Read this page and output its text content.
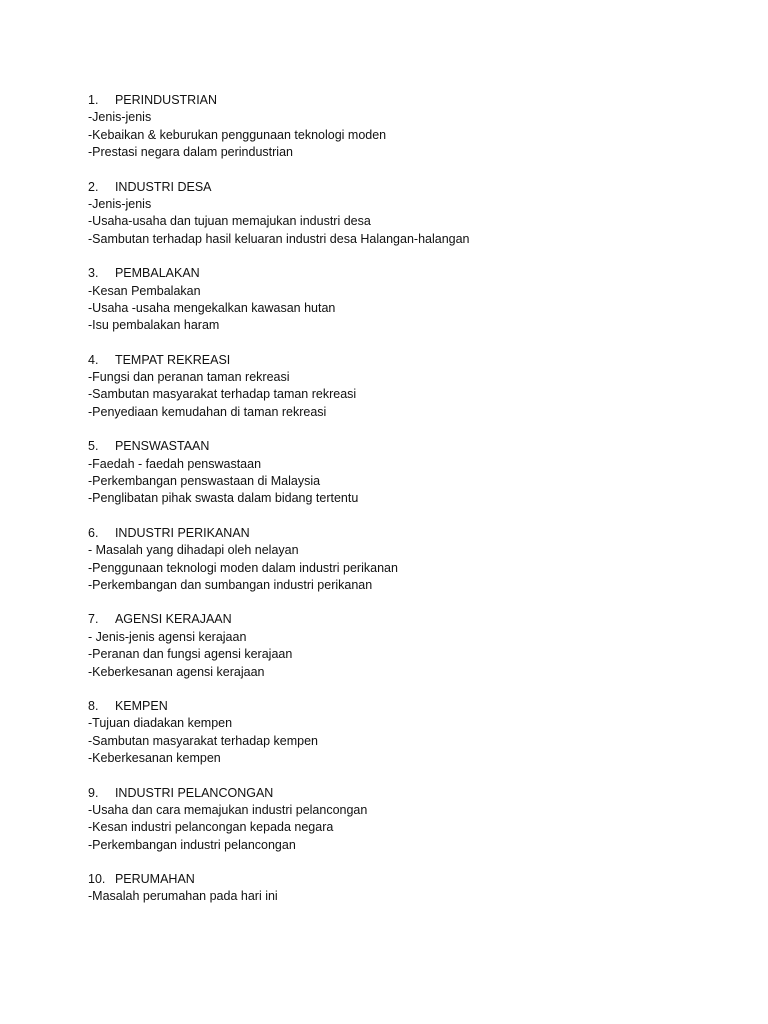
1. PERINDUSTRIAN
-Jenis-jenis
-Kebaikan & keburukan penggunaan teknologi moden
-Prestasi negara dalam perindustrian
2. INDUSTRI DESA
-Jenis-jenis
-Usaha-usaha dan tujuan memajukan industri desa
-Sambutan terhadap hasil keluaran industri desa Halangan-halangan
3. PEMBALAKAN
-Kesan Pembalakan
-Usaha -usaha mengekalkan kawasan hutan
-Isu pembalakan haram
4. TEMPAT REKREASI
-Fungsi dan peranan taman rekreasi
-Sambutan masyarakat terhadap taman rekreasi
-Penyediaan kemudahan di taman rekreasi
5. PENSWASTAAN
-Faedah - faedah penswastaan
-Perkembangan penswastaan di Malaysia
-Penglibatan pihak swasta dalam bidang tertentu
6. INDUSTRI PERIKANAN
- Masalah yang dihadapi oleh nelayan
-Penggunaan teknologi moden dalam industri perikanan
-Perkembangan dan sumbangan industri perikanan
7. AGENSI KERAJAAN
- Jenis-jenis agensi kerajaan
-Peranan dan fungsi agensi kerajaan
-Keberkesanan agensi kerajaan
8. KEMPEN
-Tujuan diadakan kempen
-Sambutan masyarakat terhadap kempen
-Keberkesanan kempen
9. INDUSTRI PELANCONGAN
-Usaha dan cara memajukan industri pelancongan
-Kesan industri pelancongan kepada negara
-Perkembangan industri pelancongan
10. PERUMAHAN
-Masalah perumahan pada hari ini
